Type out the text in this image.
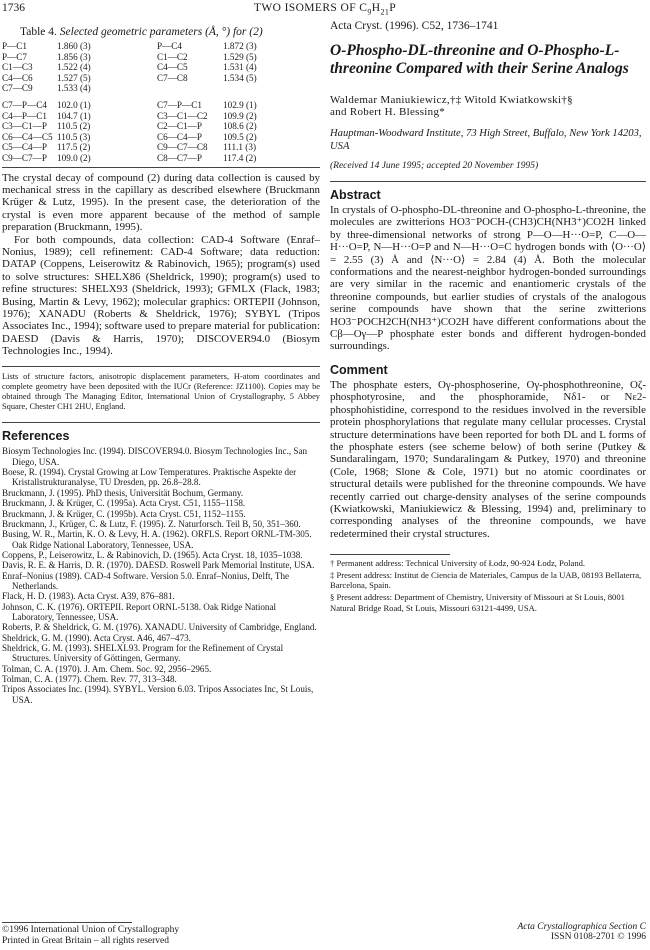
1736	TWO ISOMERS OF $C_9H_{21}P$

Table 4. Selected geometric parameters (Å, °) for (2)

P—C1	1.860 (3)	P—C4	1.872 (3)
P—C7	1.856 (3)	C1—C2	1.529 (5)
C1—C3	1.522 (4)	C4—C5	1.531 (4)
C4—C6	1.527 (5)	C7—C8	1.534 (5)
C7—C9	1.533 (4)		
C7—P—C4	102.0 (1)	C7—P—C1	102.9 (1)
C4—P—C1	104.7 (1)	C3—C1—C2	109.9 (2)
C3—C1—P	110.5 (2)	C2—C1—P	108.6 (2)
C6—C4—C5	110.5 (3)	C6—C4—P	109.5 (2)
C5—C4—P	117.5 (2)	C9—C7—C8	111.1 (3)
C9—C7—P	109.0 (2)	C8—C7—P	117.4 (2)

The crystal decay of compound (2) during data collection is caused by mechanical stress in the capillary as described elsewhere (Bruckmann Krüger & Lutz, 1995). In the present case, the deterioration of the crystal is even more apparent because of the method of sample preparation (Bruckmann, 1995).

For both compounds, data collection: CAD-4 Software (Enraf–Nonius, 1989); cell refinement: CAD-4 Software; data reduction: DATAP (Coppens, Leiserowitz & Rabinovich, 1965); program(s) used to solve structures: SHELX86 (Sheldrick, 1990); program(s) used to refine structures: SHELX93 (Sheldrick, 1993); GFMLX (Flack, 1983; Busing, Martin & Levy, 1962); molecular graphics: ORTEPII (Johnson, 1976); XANADU (Roberts & Sheldrick, 1976); SYBYL (Tripos Associates Inc., 1994); software used to prepare material for publication: DAESD (Davis & Harris, 1970); DISCOVER94.0 (Biosym Technologies Inc., 1994).

Lists of structure factors, anisotropic displacement parameters, H-atom coordinates and complete geometry have been deposited with the IUCr (Reference: JZ1100). Copies may be obtained through The Managing Editor, International Union of Crystallography, 5 Abbey Square, Chester CH1 2HU, England.

References

Biosym Technologies Inc. (1994). DISCOVER94.0. Biosym Technologies Inc., San Diego, USA.

Boese, R. (1994). Crystal Growing at Low Temperatures. Praktische Aspekte der Kristallstrukturanalyse, TU Dresden, pp. 26.8–28.8.

Bruckmann, J. (1995). PhD thesis, Universität Bochum, Germany.

Bruckmann, J. & Krüger, C. (1995a). Acta Cryst. C51, 1155–1158.

Bruckmann, J. & Krüger, C. (1995b). Acta Cryst. C51, 1152–1155.

Bruckmann, J., Krüger, C. & Lutz, F. (1995). Z. Naturforsch. Teil B, 50, 351–360.

Busing, W. R., Martin, K. O. & Levy, H. A. (1962). ORFLS. Report ORNL-TM-305. Oak Ridge National Laboratory, Tennessee, USA.

Coppens, P., Leiserowitz, L. & Rabinovich, D. (1965). Acta Cryst. 18, 1035–1038.

Davis, R. E. & Harris, D. R. (1970). DAESD. Roswell Park Memorial Institute, USA.

Enraf–Nonius (1989). CAD-4 Software. Version 5.0. Enraf–Nonius, Delft, The Netherlands.

Flack, H. D. (1983). Acta Cryst. A39, 876–881.

Johnson, C. K. (1976). ORTEPII. Report ORNL-5138. Oak Ridge National Laboratory, Tennessee, USA.

Roberts, P. & Sheldrick, G. M. (1976). XANADU. University of Cambridge, England.

Sheldrick, G. M. (1990). Acta Cryst. A46, 467–473.

Sheldrick, G. M. (1993). SHELXL93. Program for the Refinement of Crystal Structures. University of Göttingen, Germany.

Tolman, C. A. (1970). J. Am. Chem. Soc. 92, 2956–2965.

Tolman, C. A. (1977). Chem. Rev. 77, 313–348.

Tripos Associates Inc. (1994). SYBYL. Version 6.03. Tripos Associates Inc, St Louis, USA.

©1996 International Union of Crystallography

Printed in Great Britain – all rights reserved

Acta Cryst. (1996). C52, 1736–1741

O-Phospho-DL-threonine and O-Phospho-L-threonine Compared with their Serine Analogs

Waldemar Maniukiewicz,†‡ Witold Kwiatkowski†§

and Robert H. Blessing*

Hauptman-Woodward Institute, 73 High Street, Buffalo, New York 14203, USA

(Received 14 June 1995; accepted 20 November 1995)

Abstract

In crystals of O-phospho-DL-threonine and O-phospho-L-threonine, the molecules are zwitterions HO3⁻POCH-(CH3)CH(NH3⁺)CO2H linked by three-dimensional networks of strong P—O—H···O=P, C—O—H···O=P, N—H···O=P and N—H···O=C hydrogen bonds with ⟨O···O⟩ = 2.55 (3) Å and ⟨N···O⟩ = 2.84 (4) Å. Both the molecular conformations and the nearest-neighbor hydrogen-bonded surroundings are very similar in the racemic and enantiomeric crystals of the threonine compounds, but earlier studies of crystals of the analogous serine compounds have shown that the serine zwitterions HO3⁻POCH2CH(NH3⁺)CO2H have different conformations about the Cβ—Oγ—P phosphate ester bonds and different hydrogen-bonded surroundings.

Comment

The phosphate esters, Oγ-phosphoserine, Oγ-phosphothreonine, Oζ-phosphotyrosine, and the phosphoramide, Nδ1- or Nε2-phosphohistidine, correspond to the residues involved in the reversible protein phosphorylations that regulate many cellular processes. Crystal structure determinations have been reported for both DL and L forms of the phosphate esters (see scheme below) of both serine (Putkey & Sundaralingam, 1970; Sundaralingam & Putkey, 1970) and threonine (Cole, 1968; Slone & Cole, 1971) but no atomic coordinates or structural details were published for the threonine compounds. We have recently carried out charge-density analyses of the serine compounds (Kwiatkowski, Maniukiewicz & Blessing, 1994) and, preliminary to corresponding analyses of the threonine compounds, we have redetermined their crystal structures.

† Permanent address: Technical University of Łodz, 90-924 Łodz, Poland.

‡ Present address: Institut de Ciencia de Materiales, Campus de la UAB, 08193 Bellaterra, Barcelona, Spain.

§ Present address: Department of Chemistry, University of Missouri at St Louis, 8001 Natural Bridge Road, St Louis, Missouri 63121-4499, USA.

Acta Crystallographica Section C

ISSN 0108-2701 © 1996
